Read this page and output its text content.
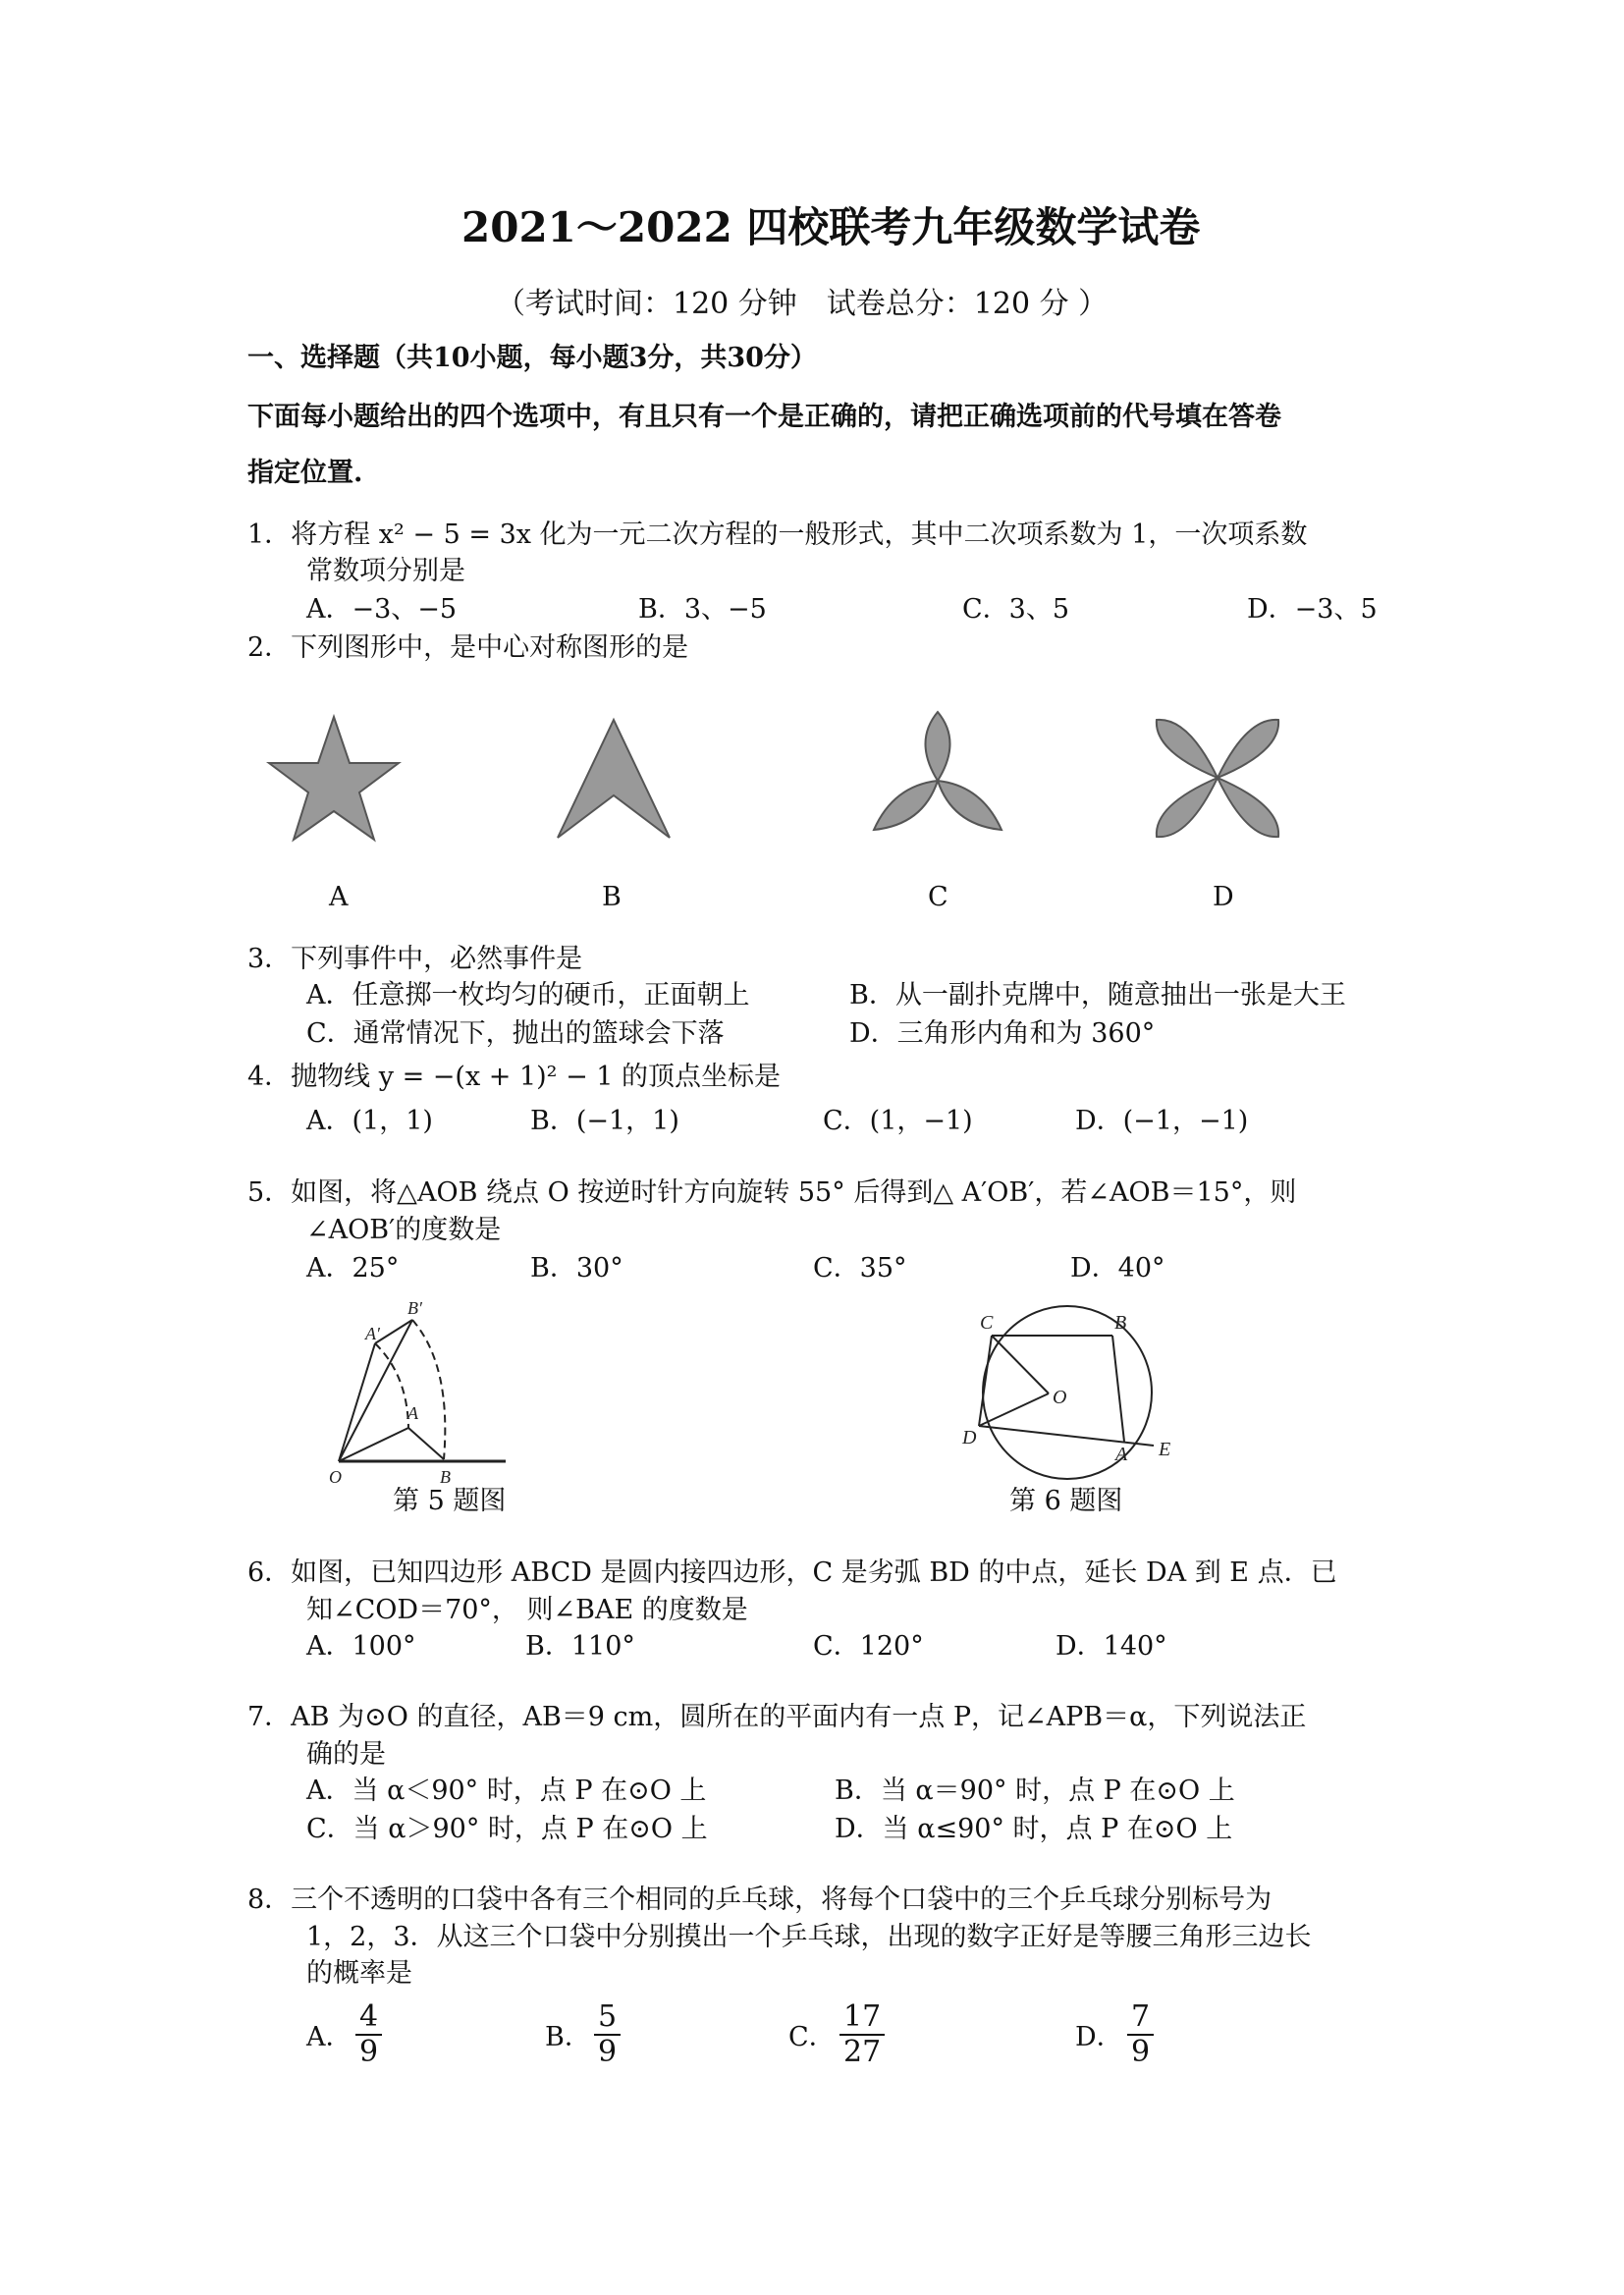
2021～2022 四校联考九年级数学试卷
（考试时间：120 分钟　试卷总分：120 分 ）
一、选择题（共10小题，每小题3分，共30分）
下面每小题给出的四个选项中，有且只有一个是正确的，请把正确选项前的代号填在答卷
指定位置.
1．将方程 x² − 5 = 3x 化为一元二次方程的一般形式，其中二次项系数为 1，一次项系数
常数项分别是
A．−3、−5	B．3、−5	C．3、5	D．−3、5
2．下列图形中，是中心对称图形的是
A	B	C	D
3．下列事件中，必然事件是
A．任意掷一枚均匀的硬币，正面朝上	B．从一副扑克牌中，随意抽出一张是大王
C．通常情况下，抛出的篮球会下落	D．三角形内角和为 360°
4．抛物线 y = −(x + 1)² − 1 的顶点坐标是
A．(1，1)	B．(−1，1)	C．(1，−1)	D．(−1，−1)
5．如图，将△AOB 绕点 O 按逆时针方向旋转 55° 后得到△ A′OB′，若∠AOB＝15°，则
∠AOB′的度数是
A．25°	B．30°	C．35°	D．40°
A′
B′
A
O	B
第 5 题图
C	B
O
D
A E
第 6 题图
6．如图，已知四边形 ABCD 是圆内接四边形，C 是劣弧 BD 的中点，延长 DA 到 E 点．已
知∠COD＝70°， 则∠BAE 的度数是
A．100°	B．110°	C．120°	D．140°
7．AB 为⊙O 的直径，AB＝9 cm，圆所在的平面内有一点 P，记∠APB＝α，下列说法正
确的是
A．当 α＜90° 时，点 P 在⊙O 上	B．当 α＝90° 时，点 P 在⊙O 上
C．当 α＞90° 时，点 P 在⊙O 上	D．当 α≤90° 时，点 P 在⊙O 上
8．三个不透明的口袋中各有三个相同的乒乓球，将每个口袋中的三个乒乓球分别标号为
1，2，3．从这三个口袋中分别摸出一个乒乓球，出现的数字正好是等腰三角形三边长
的概率是
A． $\frac{4}{9}$	B． $\frac{5}{9}$	C． $\frac{17}{27}$	D． $\frac{7}{9}$
